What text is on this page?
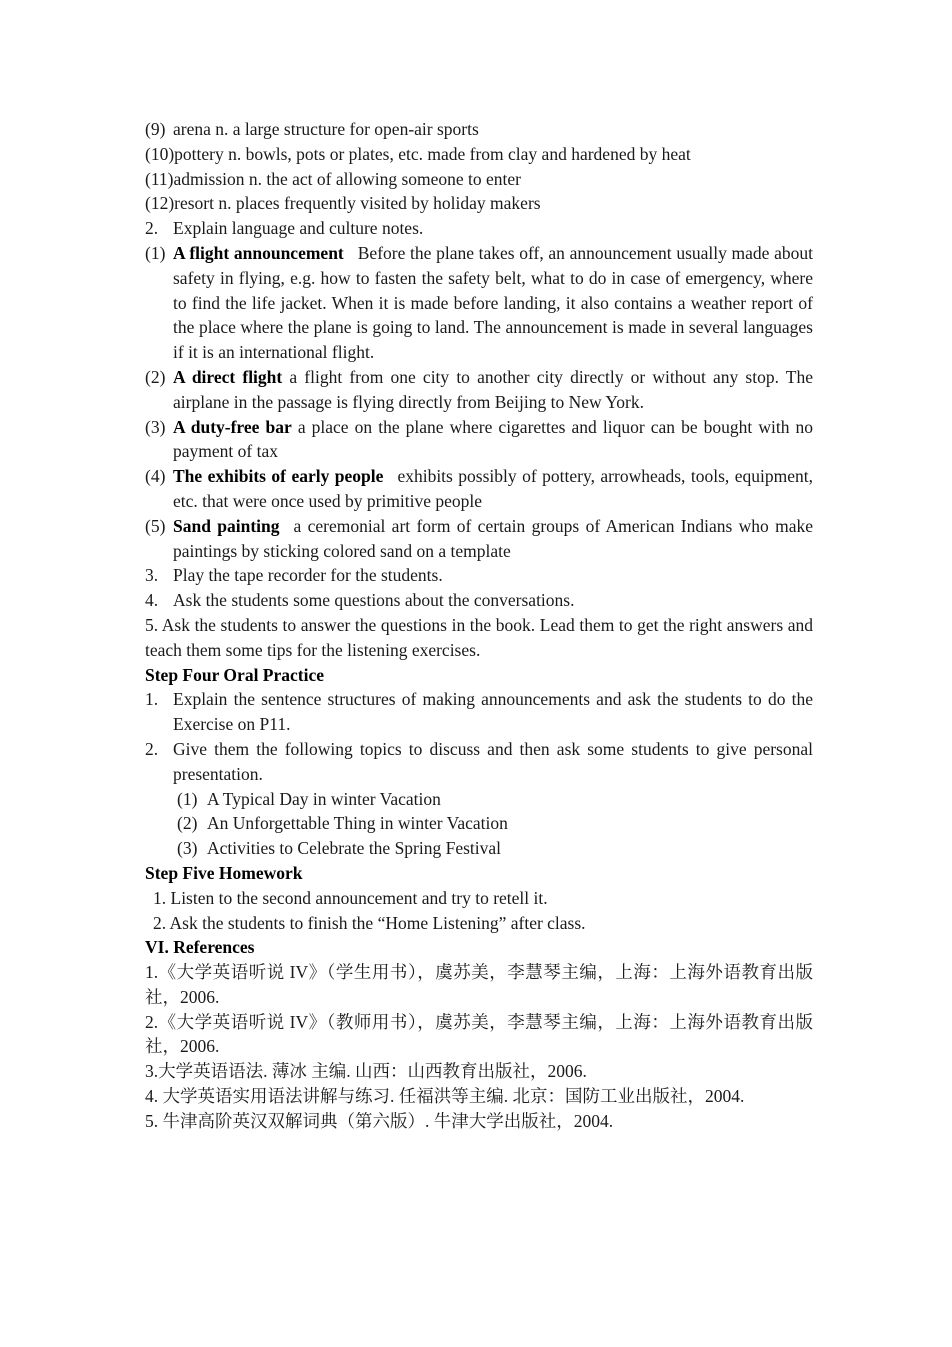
(9) arena n. a large structure for open-air sports
(10) pottery n. bowls, pots or plates, etc. made from clay and hardened by heat
(11) admission n. the act of allowing someone to enter
(12) resort n. places frequently visited by holiday makers
2. Explain language and culture notes.
(1) A flight announcement Before the plane takes off, an announcement usually made about safety in flying, e.g. how to fasten the safety belt, what to do in case of emergency, where to find the life jacket. When it is made before landing, it also contains a weather report of the place where the plane is going to land. The announcement is made in several languages if it is an international flight.
(2) A direct flight a flight from one city to another city directly or without any stop. The airplane in the passage is flying directly from Beijing to New York.
(3) A duty-free bar a place on the plane where cigarettes and liquor can be bought with no payment of tax
(4) The exhibits of early people exhibits possibly of pottery, arrowheads, tools, equipment, etc. that were once used by primitive people
(5) Sand painting a ceremonial art form of certain groups of American Indians who make paintings by sticking colored sand on a template
3. Play the tape recorder for the students.
4. Ask the students some questions about the conversations.
5. Ask the students to answer the questions in the book. Lead them to get the right answers and teach them some tips for the listening exercises.
Step Four Oral Practice
1. Explain the sentence structures of making announcements and ask the students to do the Exercise on P11.
2. Give them the following topics to discuss and then ask some students to give personal presentation.
(1) A Typical Day in winter Vacation
(2) An Unforgettable Thing in winter Vacation
(3) Activities to Celebrate the Spring Festival
Step Five Homework
1. Listen to the second announcement and try to retell it.
2. Ask the students to finish the “Home Listening” after class.
VI. References
1.《大学英语听说 IV》（学生用书），虞苏美，李慧琴主编，上海：上海外语教育出版社，2006.
2.《大学英语听说 IV》（教师用书），虞苏美，李慧琴主编，上海：上海外语教育出版社，2006.
3.大学英语语法. 薄冰 主编. 山西：山西教育出版社，2006.
4. 大学英语实用语法讲解与练习. 任福洪等主编. 北京：国防工业出版社，2004.
5. 牛津高阶英汉双解词典（第六版）. 牛津大学出版社，2004.
